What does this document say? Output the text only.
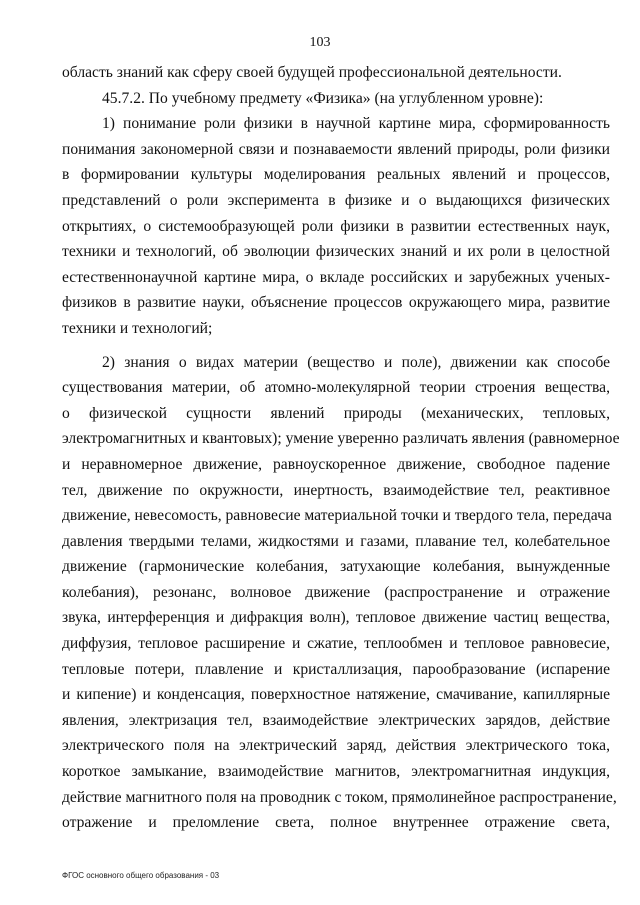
103
область знаний как сферу своей будущей профессиональной деятельности.
45.7.2. По учебному предмету «Физика» (на углубленном уровне):
1) понимание роли физики в научной картине мира, сформированность
понимания закономерной связи и познаваемости явлений природы, роли физики
в формировании культуры моделирования реальных явлений и процессов,
представлений о роли эксперимента в физике и о выдающихся физических
открытиях, о системообразующей роли физики в развитии естественных наук,
техники и технологий, об эволюции физических знаний и их роли в целостной
естественнонаучной картине мира, о вкладе российских и зарубежных ученых-
физиков в развитие науки, объяснение процессов окружающего мира, развитие
техники и технологий;
2) знания о видах материи (вещество и поле), движении как способе
существования материи, об атомно-молекулярной теории строения вещества,
о физической сущности явлений природы (механических, тепловых,
электромагнитных и квантовых); умение уверенно различать явления (равномерное
и неравномерное движение, равноускоренное движение, свободное падение
тел, движение по окружности, инертность, взаимодействие тел, реактивное
движение, невесомость, равновесие материальной точки и твердого тела, передача
давления твердыми телами, жидкостями и газами, плавание тел, колебательное
движение (гармонические колебания, затухающие колебания, вынужденные
колебания), резонанс, волновое движение (распространение и отражение
звука, интерференция и дифракция волн), тепловое движение частиц вещества,
диффузия, тепловое расширение и сжатие, теплообмен и тепловое равновесие,
тепловые потери, плавление и кристаллизация, парообразование (испарение
и кипение) и конденсация, поверхностное натяжение, смачивание, капиллярные
явления, электризация тел, взаимодействие электрических зарядов, действие
электрического поля на электрический заряд, действия электрического тока,
короткое замыкание, взаимодействие магнитов, электромагнитная индукция,
действие магнитного поля на проводник с током, прямолинейное распространение,
отражение и преломление света, полное внутреннее отражение света,
ФГОС основного общего образования - 03
